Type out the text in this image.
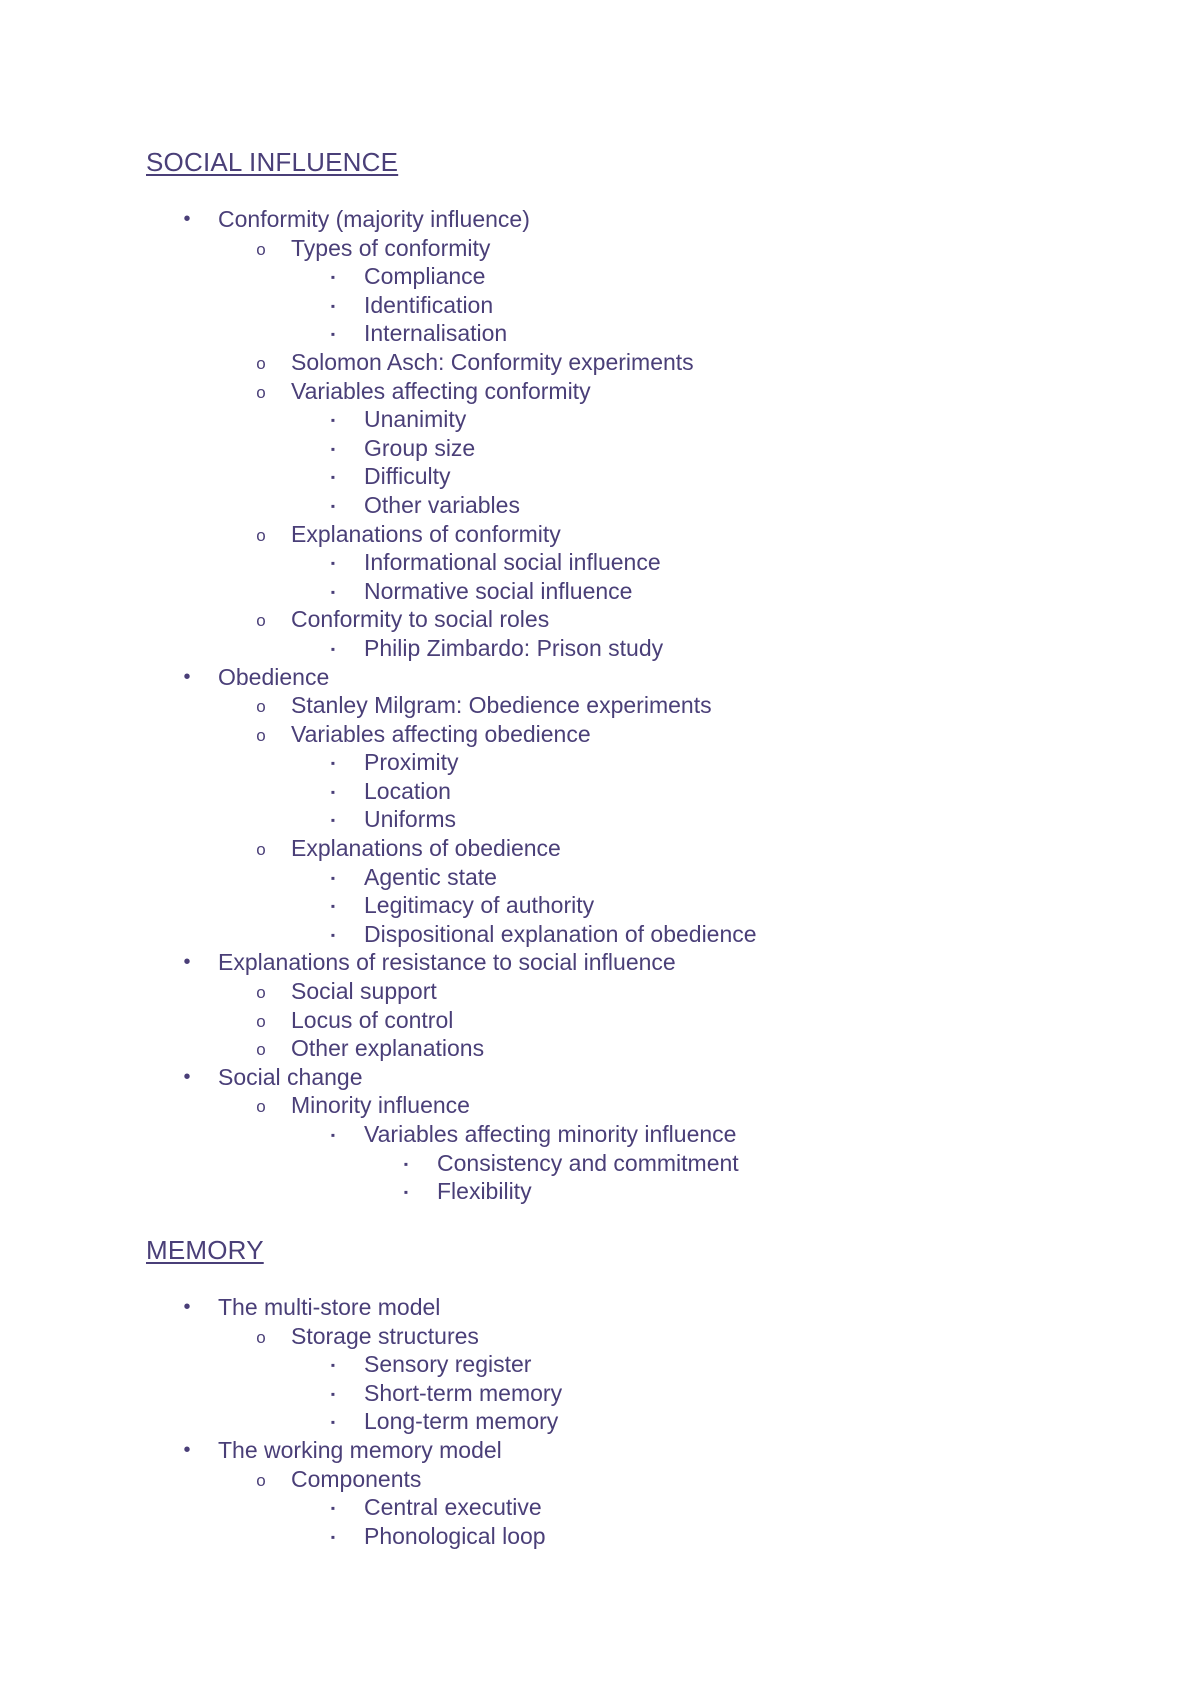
SOCIAL INFLUENCE
• Conformity (majority influence)
o Types of conformity
▪	Compliance
▪	Identification
▪	Internalisation
o Solomon Asch: Conformity experiments
o Variables affecting conformity
▪	Unanimity
▪	Group size
▪	Difficulty
▪	Other variables
o Explanations of conformity
▪	Informational social influence
▪	Normative social influence
o Conformity to social roles
▪	Philip Zimbardo: Prison study
• Obedience
o Stanley Milgram: Obedience experiments
o Variables affecting obedience
▪	Proximity
▪	Location
▪	Uniforms
o Explanations of obedience
▪	Agentic state
▪	Legitimacy of authority
▪	Dispositional explanation of obedience
• Explanations of resistance to social influence
o Social support
o Locus of control
o Other explanations
• Social change
o Minority influence
▪	Variables affecting minority influence
▪	Consistency and commitment
▪	Flexibility
MEMORY
• The multi-store model
o Storage structures
▪	Sensory register
▪	Short-term memory
▪	Long-term memory
• The working memory model
o Components
▪	Central executive
▪	Phonological loop
